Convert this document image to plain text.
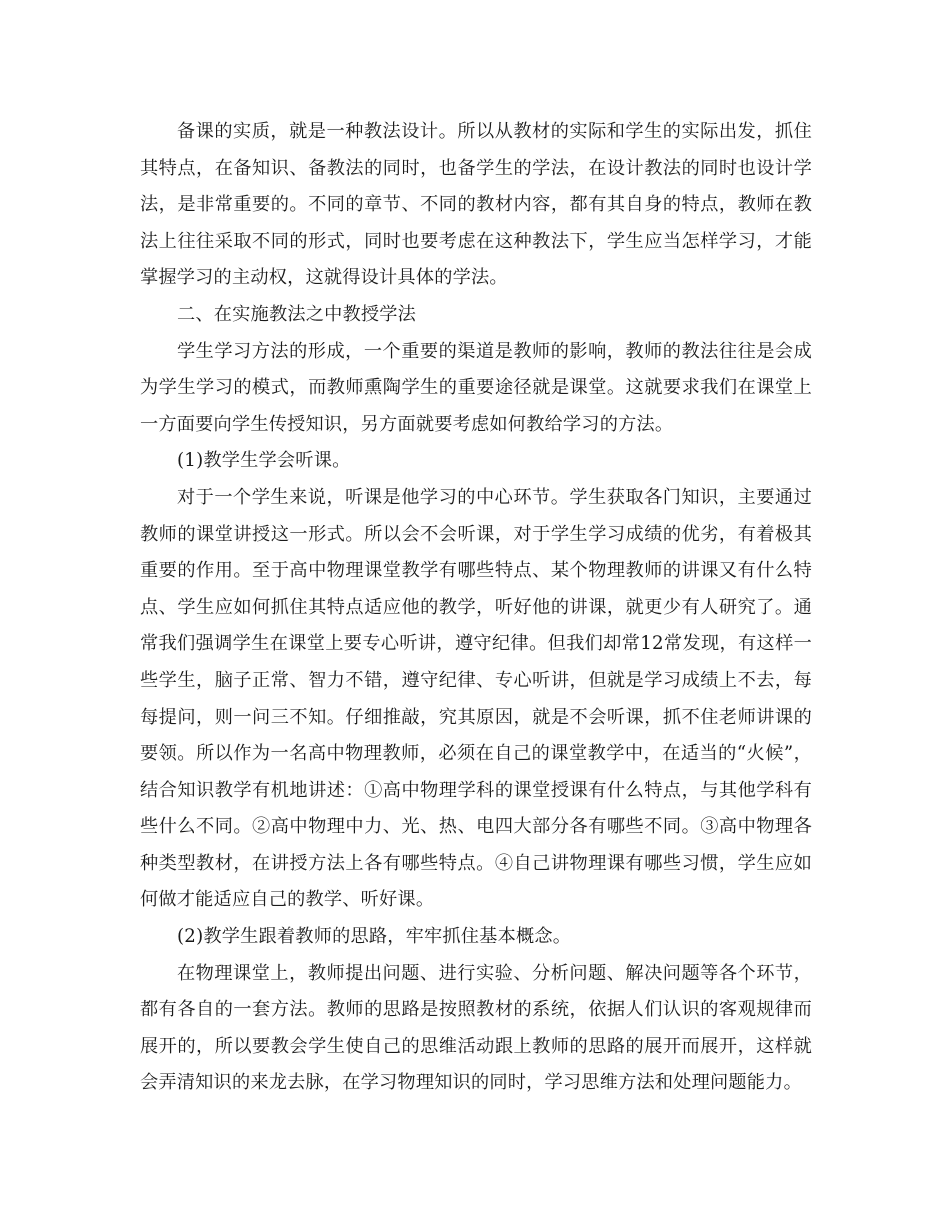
备课的实质，就是一种教法设计。所以从教材的实际和学生的实际出发，抓住其特点，在备知识、备教法的同时，也备学生的学法，在设计教法的同时也设计学法，是非常重要的。不同的章节、不同的教材内容，都有其自身的特点，教师在教法上往往采取不同的形式，同时也要考虑在这种教法下，学生应当怎样学习，才能掌握学习的主动权，这就得设计具体的学法。

二、在实施教法之中教授学法

学生学习方法的形成，一个重要的渠道是教师的影响，教师的教法往往是会成为学生学习的模式，而教师熏陶学生的重要途径就是课堂。这就要求我们在课堂上一方面要向学生传授知识，另方面就要考虑如何教给学习的方法。

(1)教学生学会听课。

对于一个学生来说，听课是他学习的中心环节。学生获取各门知识，主要通过教师的课堂讲授这一形式。所以会不会听课，对于学生学习成绩的优劣，有着极其重要的作用。至于高中物理课堂教学有哪些特点、某个物理教师的讲课又有什么特点、学生应如何抓住其特点适应他的教学，听好他的讲课，就更少有人研究了。通常我们强调学生在课堂上要专心听讲，遵守纪律。但我们却常12常发现，有这样一些学生，脑子正常、智力不错，遵守纪律、专心听讲，但就是学习成绩上不去，每每提问，则一问三不知。仔细推敲，究其原因，就是不会听课，抓不住老师讲课的要领。所以作为一名高中物理教师，必须在自己的课堂教学中，在适当的“火候”，结合知识教学有机地讲述：①高中物理学科的课堂授课有什么特点，与其他学科有些什么不同。②高中物理中力、光、热、电四大部分各有哪些不同。③高中物理各种类型教材，在讲授方法上各有哪些特点。④自己讲物理课有哪些习惯，学生应如何做才能适应自己的教学、听好课。

(2)教学生跟着教师的思路，牢牢抓住基本概念。

在物理课堂上，教师提出问题、进行实验、分析问题、解决问题等各个环节，都有各自的一套方法。教师的思路是按照教材的系统，依据人们认识的客观规律而展开的，所以要教会学生使自己的思维活动跟上教师的思路的展开而展开，这样就会弄清知识的来龙去脉，在学习物理知识的同时，学习思维方法和处理问题能力。
